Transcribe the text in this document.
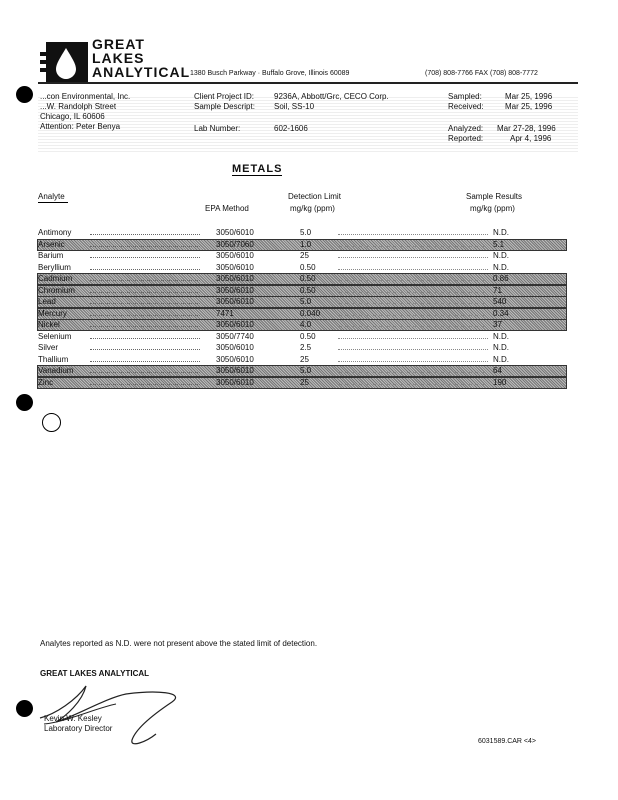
GREAT
LAKES
ANALYTICAL 1380 Busch Parkway · Buffalo Grove, Illinois 60089	(708) 808-7766 FAX (708) 808-7772
...con Environmental, Inc.
...W. Randolph Street
Chicago, IL 60606
Attention: Peter Benya
Client Project ID: 9236A, Abbott/Grc, CECO Corp.
Sample Descript: Soil, SS-10
Lab Number:	602-1606
Sampled:	Mar 25, 1996
Received:	Mar 25, 1996
Analyzed: Mar 27-28, 1996
Reported:	Apr 4, 1996
METALS
Analyte
EPA Method
Detection Limit
mg/kg (ppm)
Sample Results
mg/kg (ppm)
Antimony	3050/6010	5.0	N.D.
Arsenic	3050/7060	1.0	5.1
Barium	3050/6010	25	N.D.
Beryllium	3050/6010	0.50	N.D.
Cadmium	3050/6010	0.50	0.86
Chromium	3050/6010	0.50	71
Lead	3050/6010	5.0	540
Mercury	7471	0.040	0.34
Nickel	3050/6010	4.0	37
Selenium	3050/7740	0.50	N.D.
Silver	3050/6010	2.5	N.D.
Thallium	3050/6010	25	N.D.
Vanadium	3050/6010	5.0	64
Zinc	3050/6010	25	190
Analytes reported as N.D. were not present above the stated limit of detection.
GREAT LAKES ANALYTICAL
Kevin W. Kesley
Laboratory Director
6031589.CAR <4>
